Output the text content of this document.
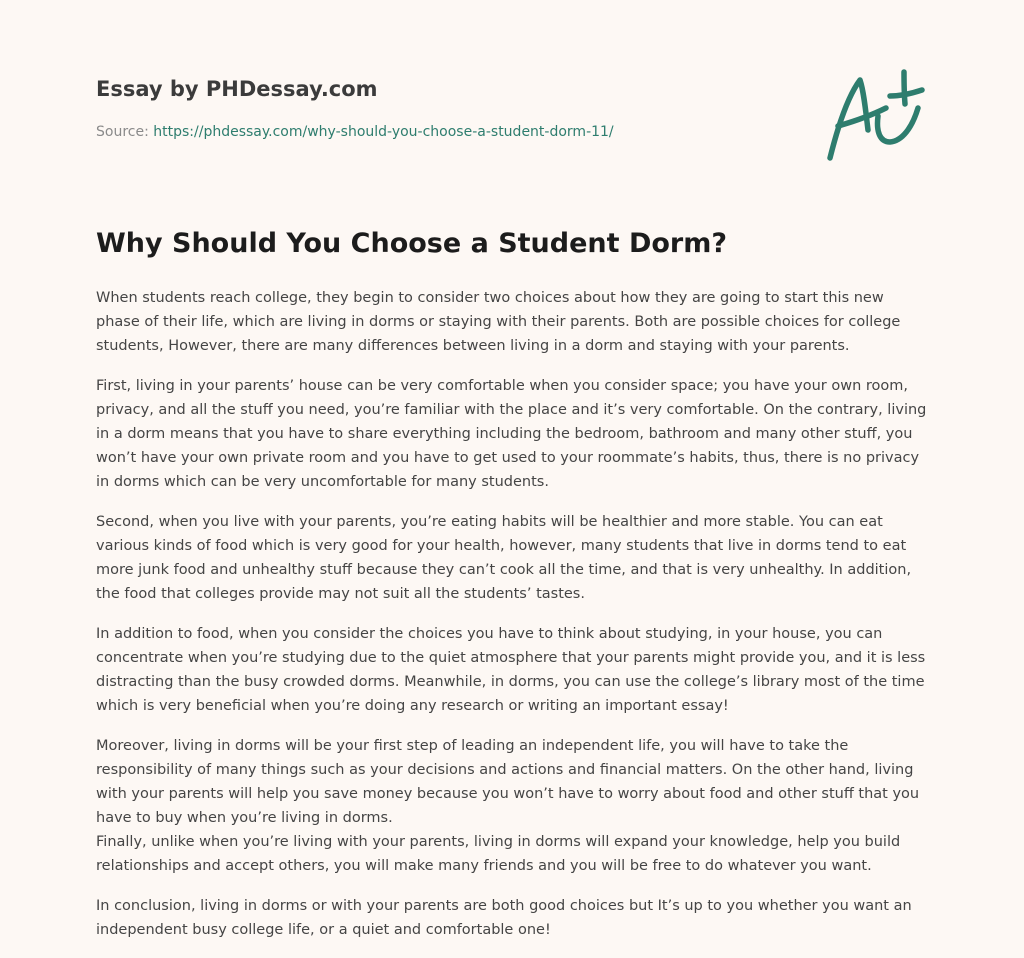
Essay by PHDessay.com
Source: https://phdessay.com/why-should-you-choose-a-student-dorm-11/
Why Should You Choose a Student Dorm?

When students reach college, they begin to consider two choices about how they are going to start this new phase of their life, which are living in dorms or staying with their parents. Both are possible choices for college students, However, there are many differences between living in a dorm and staying with your parents.

First, living in your parents’ house can be very comfortable when you consider space; you have your own room, privacy, and all the stuff you need, you’re familiar with the place and it’s very comfortable. On the contrary, living in a dorm means that you have to share everything including the bedroom, bathroom and many other stuff, you won’t have your own private room and you have to get used to your roommate’s habits, thus, there is no privacy in dorms which can be very uncomfortable for many students.

Second, when you live with your parents, you’re eating habits will be healthier and more stable. You can eat various kinds of food which is very good for your health, however, many students that live in dorms tend to eat more junk food and unhealthy stuff because they can’t cook all the time, and that is very unhealthy. In addition, the food that colleges provide may not suit all the students’ tastes.

In addition to food, when you consider the choices you have to think about studying, in your house, you can concentrate when you’re studying due to the quiet atmosphere that your parents might provide you, and it is less distracting than the busy crowded dorms. Meanwhile, in dorms, you can use the college’s library most of the time which is very beneficial when you’re doing any research or writing an important essay!

Moreover, living in dorms will be your first step of leading an independent life, you will have to take the responsibility of many things such as your decisions and actions and financial matters. On the other hand, living with your parents will help you save money because you won’t have to worry about food and other stuff that you have to buy when you’re living in dorms.

Finally, unlike when you’re living with your parents, living in dorms will expand your knowledge, help you build relationships and accept others, you will make many friends and you will be free to do whatever you want.

In conclusion, living in dorms or with your parents are both good choices but It’s up to you whether you want an independent busy college life, or a quiet and comfortable one!
